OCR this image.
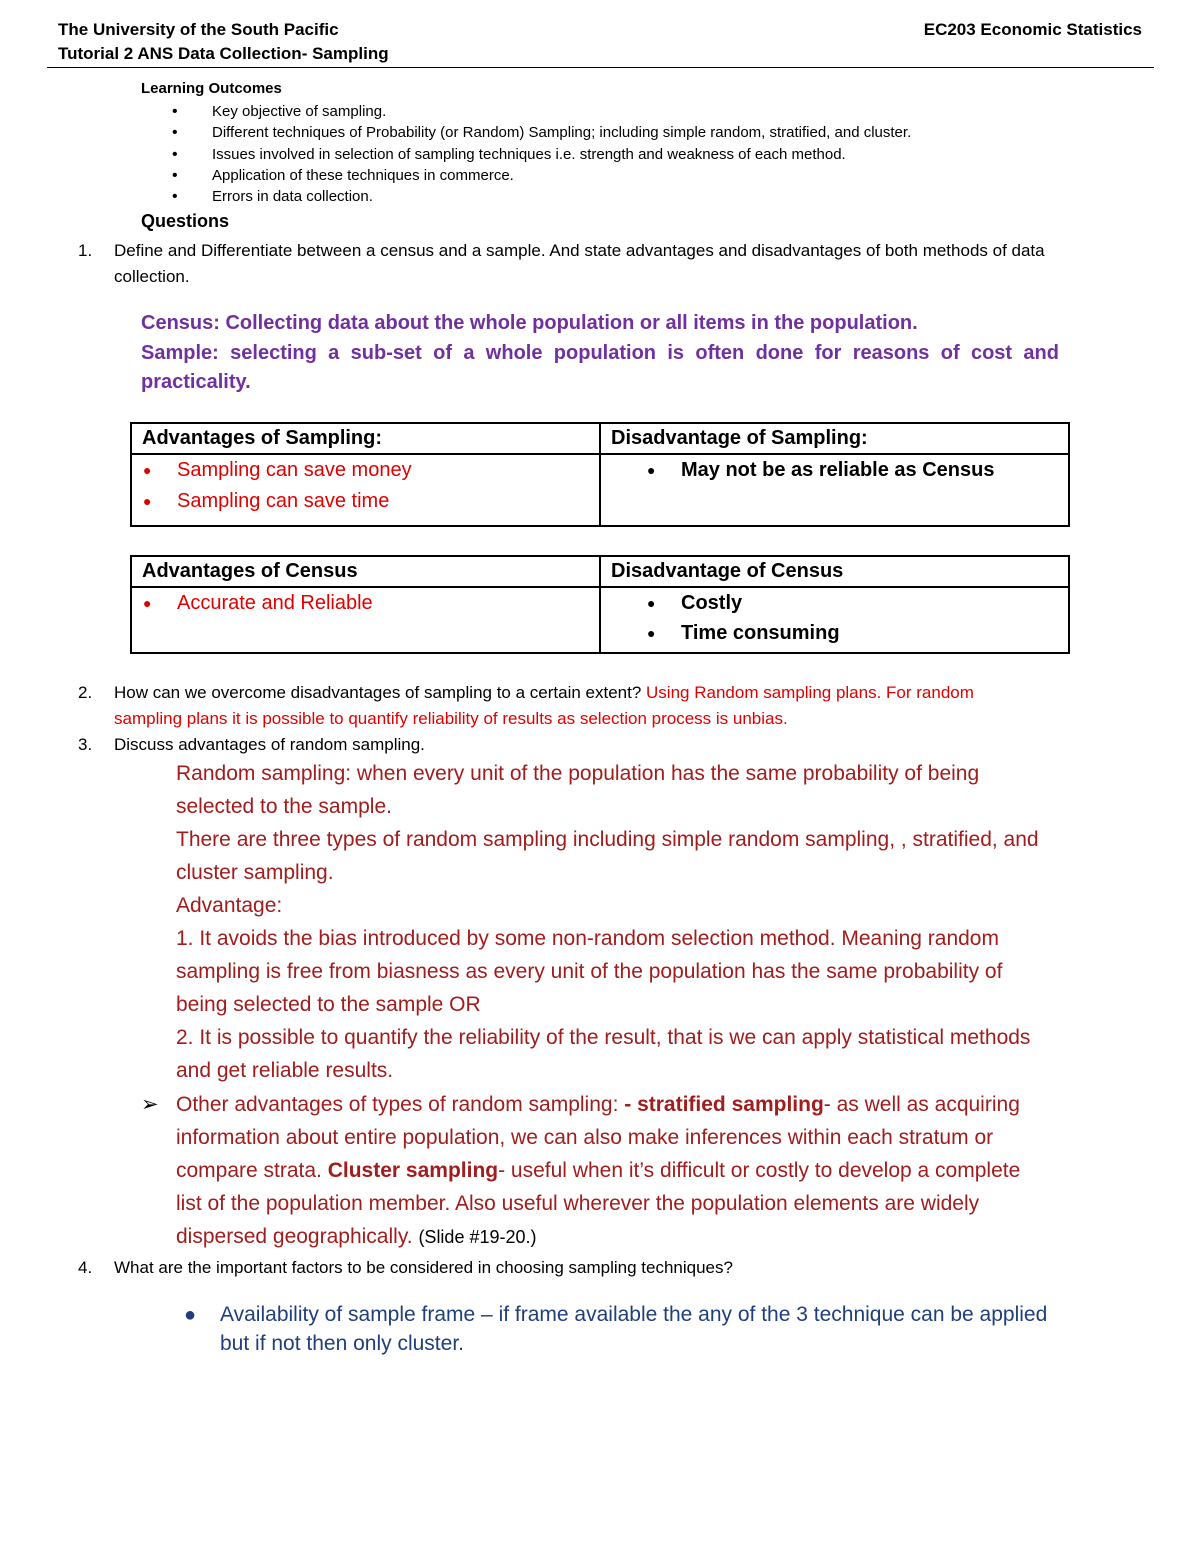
The University of the South Pacific
Tutorial 2 ANS Data Collection- Sampling
EC203 Economic Statistics
Learning Outcomes
• Key objective of sampling.
• Different techniques of Probability (or Random) Sampling; including simple random, stratified, and cluster.
• Issues involved in selection of sampling techniques i.e. strength and weakness of each method.
• Application of these techniques in commerce.
• Errors in data collection.
Questions
1. Define and Differentiate between a census and a sample. And state advantages and disadvantages of both methods of data collection.
Census: Collecting data about the whole population or all items in the population.
Sample: selecting a sub-set of a whole population is often done for reasons of cost and practicality.
Advantages of Sampling:	Disadvantage of Sampling:

● Sampling can save money
● Sampling can save time	● May not be as reliable as Census
Advantages of Census	Disadvantage of Census

● Accurate and Reliable	● Costly
● Time consuming
2. How can we overcome disadvantages of sampling to a certain extent? Using Random sampling plans. For random sampling plans it is possible to quantify reliability of results as selection process is unbias.
3. Discuss advantages of random sampling.
Random sampling: when every unit of the population has the same probability of being selected to the sample.
There are three types of random sampling including simple random sampling, , stratified, and cluster sampling.
Advantage:
1. It avoids the bias introduced by some non-random selection method. Meaning random sampling is free from biasness as every unit of the population has the same probability of being selected to the sample OR
2. It is possible to quantify the reliability of the result, that is we can apply statistical methods and get reliable results.
➢ Other advantages of types of random sampling: - stratified sampling- as well as acquiring information about entire population, we can also make inferences within each stratum or compare strata. Cluster sampling- useful when it’s difficult or costly to develop a complete list of the population member. Also useful wherever the population elements are widely dispersed geographically. (Slide #19-20.)
4. What are the important factors to be considered in choosing sampling techniques?
● Availability of sample frame – if frame available the any of the 3 technique can be applied but if not then only cluster.
